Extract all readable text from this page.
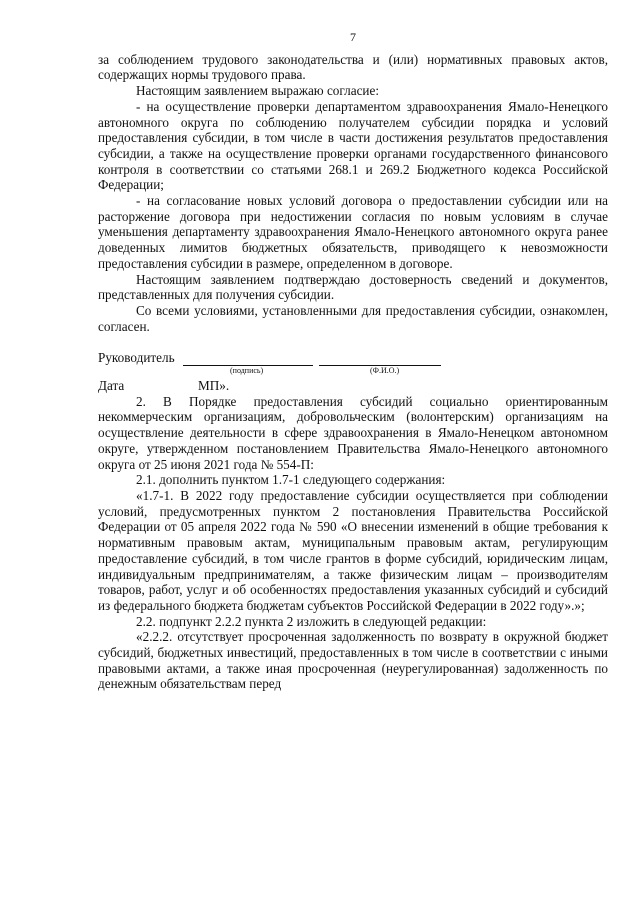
7

за соблюдением трудового законодательства и (или) нормативных правовых актов, содержащих нормы трудового права.

Настоящим заявлением выражаю согласие:

- на осуществление проверки департаментом здравоохранения Ямало-Ненецкого автономного округа по соблюдению получателем субсидии порядка и условий предоставления субсидии, в том числе в части достижения результатов предоставления субсидии, а также на осуществление проверки органами государственного финансового контроля в соответствии со статьями 268.1 и 269.2 Бюджетного кодекса Российской Федерации;

- на согласование новых условий договора о предоставлении субсидии или на расторжение договора при недостижении согласия по новым условиям в случае уменьшения департаменту здравоохранения Ямало-Ненецкого автономного округа ранее доведенных лимитов бюджетных обязательств, приводящего к невозможности предоставления субсидии в размере, определенном в договоре.

Настоящим заявлением подтверждаю достоверность сведений и документов, представленных для получения субсидии.

Со всеми условиями, установленными для предоставления субсидии, ознакомлен, согласен.

Руководитель
(подпись)	(Ф.И.О.)
Дата	МП».

2. В Порядке предоставления субсидий социально ориентированным некоммерческим организациям, добровольческим (волонтерским) организациям на осуществление деятельности в сфере здравоохранения в Ямало-Ненецком автономном округе, утвержденном постановлением Правительства Ямало-Ненецкого автономного округа от 25 июня 2021 года № 554-П:

2.1. дополнить пунктом 1.7-1 следующего содержания:

«1.7-1. В 2022 году предоставление субсидии осуществляется при соблюдении условий, предусмотренных пунктом 2 постановления Правительства Российской Федерации от 05 апреля 2022 года № 590 «О внесении изменений в общие требования к нормативным правовым актам, муниципальным правовым актам, регулирующим предоставление субсидий, в том числе грантов в форме субсидий, юридическим лицам, индивидуальным предпринимателям, а также физическим лицам – производителям товаров, работ, услуг и об особенностях предоставления указанных субсидий и субсидий из федерального бюджета бюджетам субъектов Российской Федерации в 2022 году».»;

2.2. подпункт 2.2.2 пункта 2 изложить в следующей редакции:

«2.2.2. отсутствует просроченная задолженность по возврату в окружной бюджет субсидий, бюджетных инвестиций, предоставленных в том числе в соответствии с иными правовыми актами, а также иная просроченная (неурегулированная) задолженность по денежным обязательствам перед
